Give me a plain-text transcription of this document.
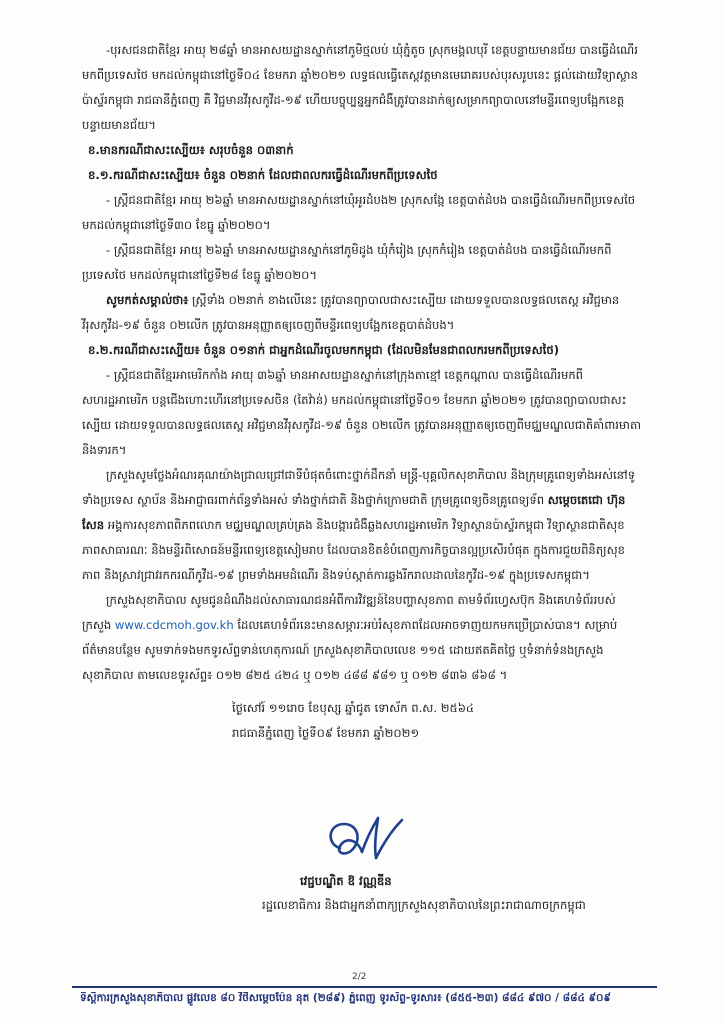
-បុរសជនជាតិខ្មែរ អាយុ ២៨ឆ្នាំ មានអាសយដ្ឋានស្នាក់នៅភូមិថ្មលប់ ឃុំភ្នំតូច ស្រុកមង្គលបុរី ខេត្តបន្ទាយមានជ័យ បានធ្វើដំណើរមកពីប្រទេសថៃ មកដល់កម្ពុជានៅថ្ងៃទី០៤ ខែមករា ឆ្នាំ២០២១ លទ្ធផលធ្វើតេស្តវត្តមានមេរោគរបស់បុរសរូបនេះ ផ្ដល់ដោយវិទ្យាស្ថានប៉ាស្ទ័រកម្ពុជា រាជធានីភ្នំពេញ គឺ វិជ្ជមានវីរុសកូវីដ-១៩ ហើយបច្ចុប្បន្នអ្នកជំងឺត្រូវបានដាក់ឲ្យសម្រាកព្យាបាលនៅមន្ទីរពេទ្យបង្អែកខេត្តបន្ទាយមានជ័យ។

ខ.មានករណីជាសះស្បើយ៖ សរុបចំនួន ០៣នាក់

ខ.១.ករណីជាសះស្បើយ៖ ចំនួន ០២នាក់ ដែលជាពលករធ្វើដំណើរមកពីប្រទេសថៃ

- ស្ត្រីជនជាតិខ្មែរ អាយុ ២៦ឆ្នាំ មានអាសយដ្ឋានស្នាក់នៅឃុំអូរដំបង២ ស្រុកសង្កែ ខេត្តបាត់ដំបង បានធ្វើដំណើរមកពីប្រទេសថៃ មកដល់កម្ពុជានៅថ្ងៃទី៣០ ខែធ្នូ ឆ្នាំ២០២០។

- ស្ត្រីជនជាតិខ្មែរ អាយុ ២៦ឆ្នាំ មានអាសយដ្ឋានស្នាក់នៅភូមិដូង ឃុំកំរៀង ស្រុកកំរៀង ខេត្តបាត់ដំបង បានធ្វើដំណើរមកពីប្រទេសថៃ មកដល់កម្ពុជានៅថ្ងៃទី២៨ ខែធ្នូ ឆ្នាំ២០២០។

សូមកត់សម្គាល់ថា៖ ស្ត្រីទាំង ០២នាក់ ខាងលើនេះ ត្រូវបានព្យាបាលជាសះស្បើយ ដោយទទួលបានលទ្ធផលតេស្ត អវិជ្ជមានវីរុសកូវីដ-១៩ ចំនួន ០២លើក ត្រូវបានអនុញ្ញាតឲ្យចេញពីមន្ទីរពេទ្យបង្អែកខេត្តបាត់ដំបង។

ខ.២.ករណីជាសះស្បើយ៖ ចំនួន ០១នាក់ ជាអ្នកដំណើរចូលមកកម្ពុជា (ដែលមិនមែនជាពលករមកពីប្រទេសថៃ)

- ស្ត្រីជនជាតិខ្មែរអាមេរិកកាំង អាយុ ៣៦ឆ្នាំ មានអាសយដ្ឋានស្នាក់នៅក្រុងតាខ្មៅ ខេត្តកណ្ដាល បានធ្វើដំណើរមកពីសហរដ្ឋអាមេរិក បន្តជើងហោះហើរនៅប្រទេសចិន (តៃវ៉ាន់) មកដល់កម្ពុជានៅថ្ងៃទី០១ ខែមករា ឆ្នាំ២០២១ ត្រូវបានព្យាបាលជាសះស្បើយ ដោយទទួលបានលទ្ធផលតេស្ត អវិជ្ជមានវីរុសកូវីដ-១៩ ចំនួន ០២លើក ត្រូវបានអនុញ្ញាតឲ្យចេញពីមជ្ឈមណ្ឌលជាតិគាំពារមាតា និងទារក។

ក្រសួងសូមថ្លែងអំណរគុណយ៉ាងជ្រាលជ្រៅជាទីបំផុតចំពោះថ្នាក់ដឹកនាំ មន្ត្រី-បុគ្គលិកសុខាភិបាល និងក្រុមគ្រូពេទ្យទាំងអស់នៅទូទាំងប្រទេស ស្ថាប័ន និងអាជ្ញាធរពាក់ព័ន្ធទាំងអស់ ទាំងថ្នាក់ជាតិ និងថ្នាក់ក្រោមជាតិ ក្រុមគ្រូពេទ្យចិនគ្រូពេទ្យទ័ព សម្ដេចតេជោ ហ៊ុន សែន អង្គការសុខភាពពិភពលោក មជ្ឈមណ្ឌលគ្រប់គ្រង និងបង្ការជំងឺឆ្លងសហរដ្ឋអាមេរិក វិទ្យាស្ថានប៉ាស្ទ័រកម្ពុជា វិទ្យាស្ថានជាតិសុខភាពសាធារណៈ និងមន្ទីរពិសោធន៍មន្ទីរពេទ្យខេត្តសៀមរាប ដែលបានខិតខំបំពេញភារកិច្ចបានល្អប្រសើរបំផុត ក្នុងការជួយពិនិត្យសុខភាព និងស្រាវជ្រាវរកករណីកូវីដ-១៩ ព្រមទាំងអមដំណើរ និងទប់ស្កាត់ការឆ្លងរីករាលដាលនៃកូវីដ-១៩ ក្នុងប្រទេសកម្ពុជា។

ក្រសួងសុខាភិបាល សូមជូនដំណឹងដល់សាធារណជនអំពីការវិវឌ្ឍន៍នៃបញ្ហាសុខភាព តាមទំព័រហ្វេសប៊ុក និងគេហទំព័ររបស់ក្រសួង www.cdcmoh.gov.kh ដែលគេហទំព័រនេះមានសម្ភារៈអប់រំសុខភាពដែលអាចទាញយកមកប្រើប្រាស់បាន។ សម្រាប់ព័ត៌មានបន្ថែម សូមទាក់ទងមកទូរស័ព្ទទាន់ហេតុការណ៍ ក្រសួងសុខាភិបាលលេខ ១១៥ ដោយឥតគិតថ្លៃ ឬទំនាក់ទំនងក្រសួងសុខាភិបាល តាមលេខទូរស័ព្ទ៖ ០១២ ៨២៥ ៤២៤ ឬ ០១២ ៤៨៨ ៩៨១ ឬ ០១២ ៨៣៦ ៨៦៨ ។

ថ្ងៃសៅរ៍ ១១រោច ខែបុស្ស ឆ្នាំជូត ទោស័ក ព.ស. ២៥៦៤

រាជធានីភ្នំពេញ ថ្ងៃទី០៩ ខែមករា ឆ្នាំ២០២១

វេជ្ជបណ្ឌិត ឱ វណ្ណឌីន

រដ្ឋលេខាធិការ និងជាអ្នកនាំពាក្យក្រសួងសុខាភិបាលនៃព្រះរាជាណាចក្រកម្ពុជា

2/2
ទីស្ដីការក្រសួងសុខាភិបាល ផ្លូវលេខ ៨០ វិថីសម្ដេចប៉ែន នុត (២៨៩) ភ្នំពេញ ទូរស័ព្ទ-ទូរសារ៖ (៨៥៥-២៣) ៨៨៤ ៩៧០ / ៨៨៤ ៩០៩
